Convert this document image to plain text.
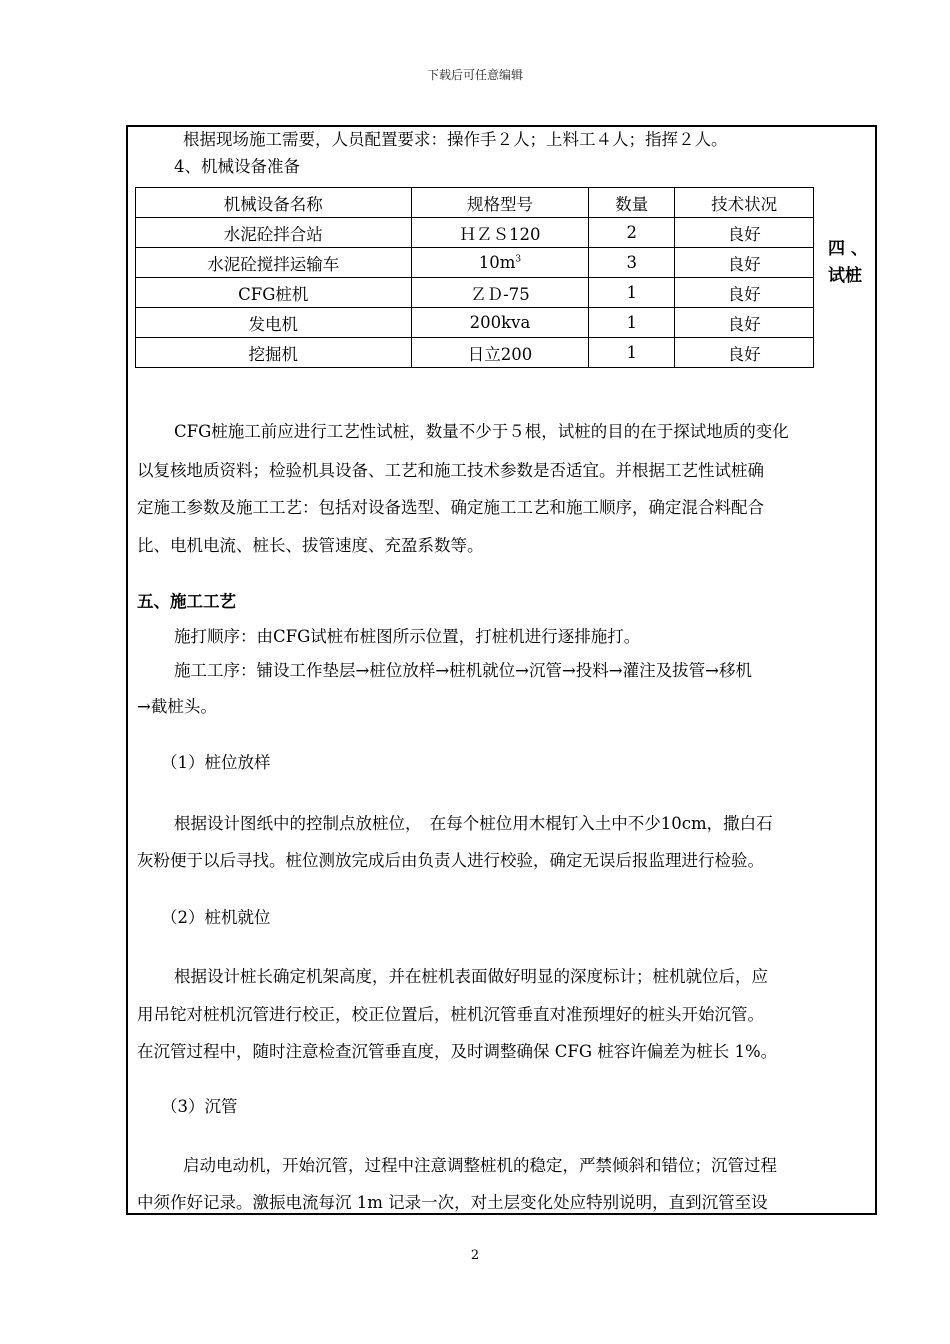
下载后可任意编辑
根据现场施工需要，人员配置要求：操作手２人；上料工４人；指挥２人。
4、机械设备准备
机械设备名称	规格型号	数量	技术状况
水泥砼拌合站	ＨＺＳ120	2	良好
水泥砼搅拌运输车	$10m^3$	3	良好
CFG桩机	ＺＤ-75	1	良好
发电机	200kva	1	良好
挖掘机	日立200	1	良好
四 、
试桩
CFG桩施工前应进行工艺性试桩，数量不少于５根，试桩的目的在于探试地质的变化
以复核地质资料；检验机具设备、工艺和施工技术参数是否适宜。并根据工艺性试桩确
定施工参数及施工工艺：包括对设备选型、确定施工工艺和施工顺序，确定混合料配合
比、电机电流、桩长、拔管速度、充盈系数等。
五、施工工艺
施打顺序：由CFG试桩布桩图所示位置，打桩机进行逐排施打。
施工工序：铺设工作垫层→桩位放样→桩机就位→沉管→投料→灌注及拔管→移机
→截桩头。
（1）桩位放样
根据设计图纸中的控制点放桩位，　在每个桩位用木棍钉入土中不少10cm，撒白石
灰粉便于以后寻找。桩位测放完成后由负责人进行校验，确定无误后报监理进行检验。
（2）桩机就位
根据设计桩长确定机架高度，并在桩机表面做好明显的深度标计；桩机就位后，应
用吊铊对桩机沉管进行校正，校正位置后，桩机沉管垂直对准预埋好的桩头开始沉管。
在沉管过程中，随时注意检查沉管垂直度，及时调整确保 CFG 桩容许偏差为桩长 1%。
（3）沉管
启动电动机，开始沉管，过程中注意调整桩机的稳定，严禁倾斜和错位；沉管过程
中须作好记录。激振电流每沉 1m 记录一次，对土层变化处应特别说明，直到沉管至设
2
